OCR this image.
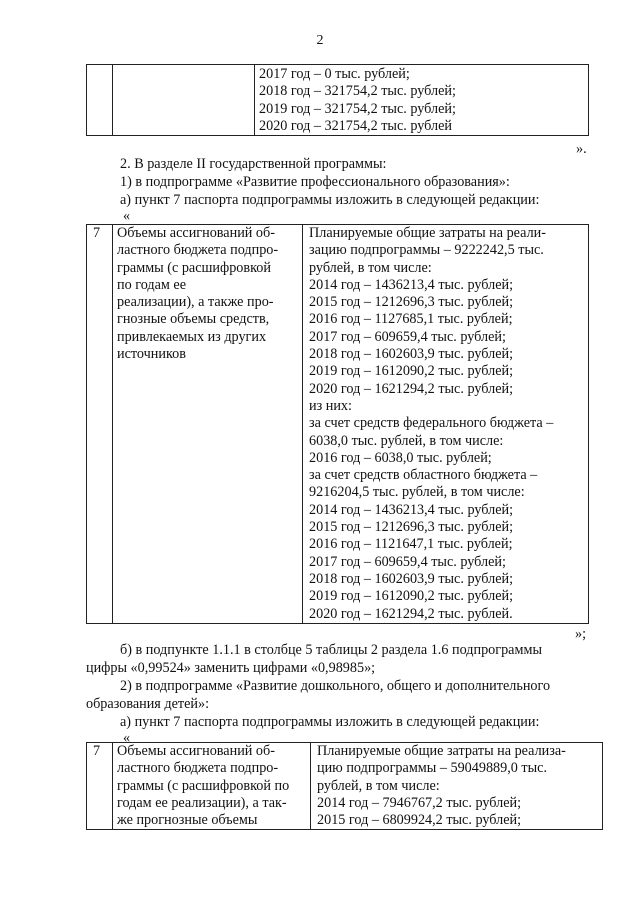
2

2017 год – 0 тыс. рублей;
2018 год – 321754,2 тыс. рублей;
2019 год – 321754,2 тыс. рублей;
2020 год – 321754,2 тыс. рублей
».
2. В разделе II государственной программы:
1) в подпрограмме «Развитие профессионального образования»:
а) пункт 7 паспорта подпрограммы изложить в следующей редакции:
«
7	Объемы ассигнований об-
ластного бюджета подпро-
граммы (с расшифровкой
по годам ее
реализации), а также про-
гнозные объемы средств,
привлекаемых из других
источников

Планируемые общие затраты на реали-
зацию подпрограммы – 9222242,5 тыс.
рублей, в том числе:
2014 год – 1436213,4 тыс. рублей;
2015 год – 1212696,3 тыс. рублей;
2016 год – 1127685,1 тыс. рублей;
2017 год – 609659,4 тыс. рублей;
2018 год – 1602603,9 тыс. рублей;
2019 год – 1612090,2 тыс. рублей;
2020 год – 1621294,2 тыс. рублей;
из них:
за счет средств федерального бюджета –
6038,0 тыс. рублей, в том числе:
2016 год – 6038,0 тыс. рублей;
за счет средств областного бюджета –
9216204,5 тыс. рублей, в том числе:
2014 год – 1436213,4 тыс. рублей;
2015 год – 1212696,3 тыс. рублей;
2016 год – 1121647,1 тыс. рублей;
2017 год – 609659,4 тыс. рублей;
2018 год – 1602603,9 тыс. рублей;
2019 год – 1612090,2 тыс. рублей;
2020 год – 1621294,2 тыс. рублей.
»;
б) в подпункте 1.1.1 в столбце 5 таблицы 2 раздела 1.6 подпрограммы
цифры «0,99524» заменить цифрами «0,98985»;
2) в подпрограмме «Развитие дошкольного, общего и дополнительного
образования детей»:
а) пункт 7 паспорта подпрограммы изложить в следующей редакции:
«
7	Объемы ассигнований об-
ластного бюджета подпро-
граммы (с расшифровкой по
годам ее реализации), а так-
же прогнозные объемы

Планируемые общие затраты на реализа-
цию подпрограммы – 59049889,0 тыс.
рублей, в том числе:
2014 год – 7946767,2 тыс. рублей;
2015 год – 6809924,2 тыс. рублей;
